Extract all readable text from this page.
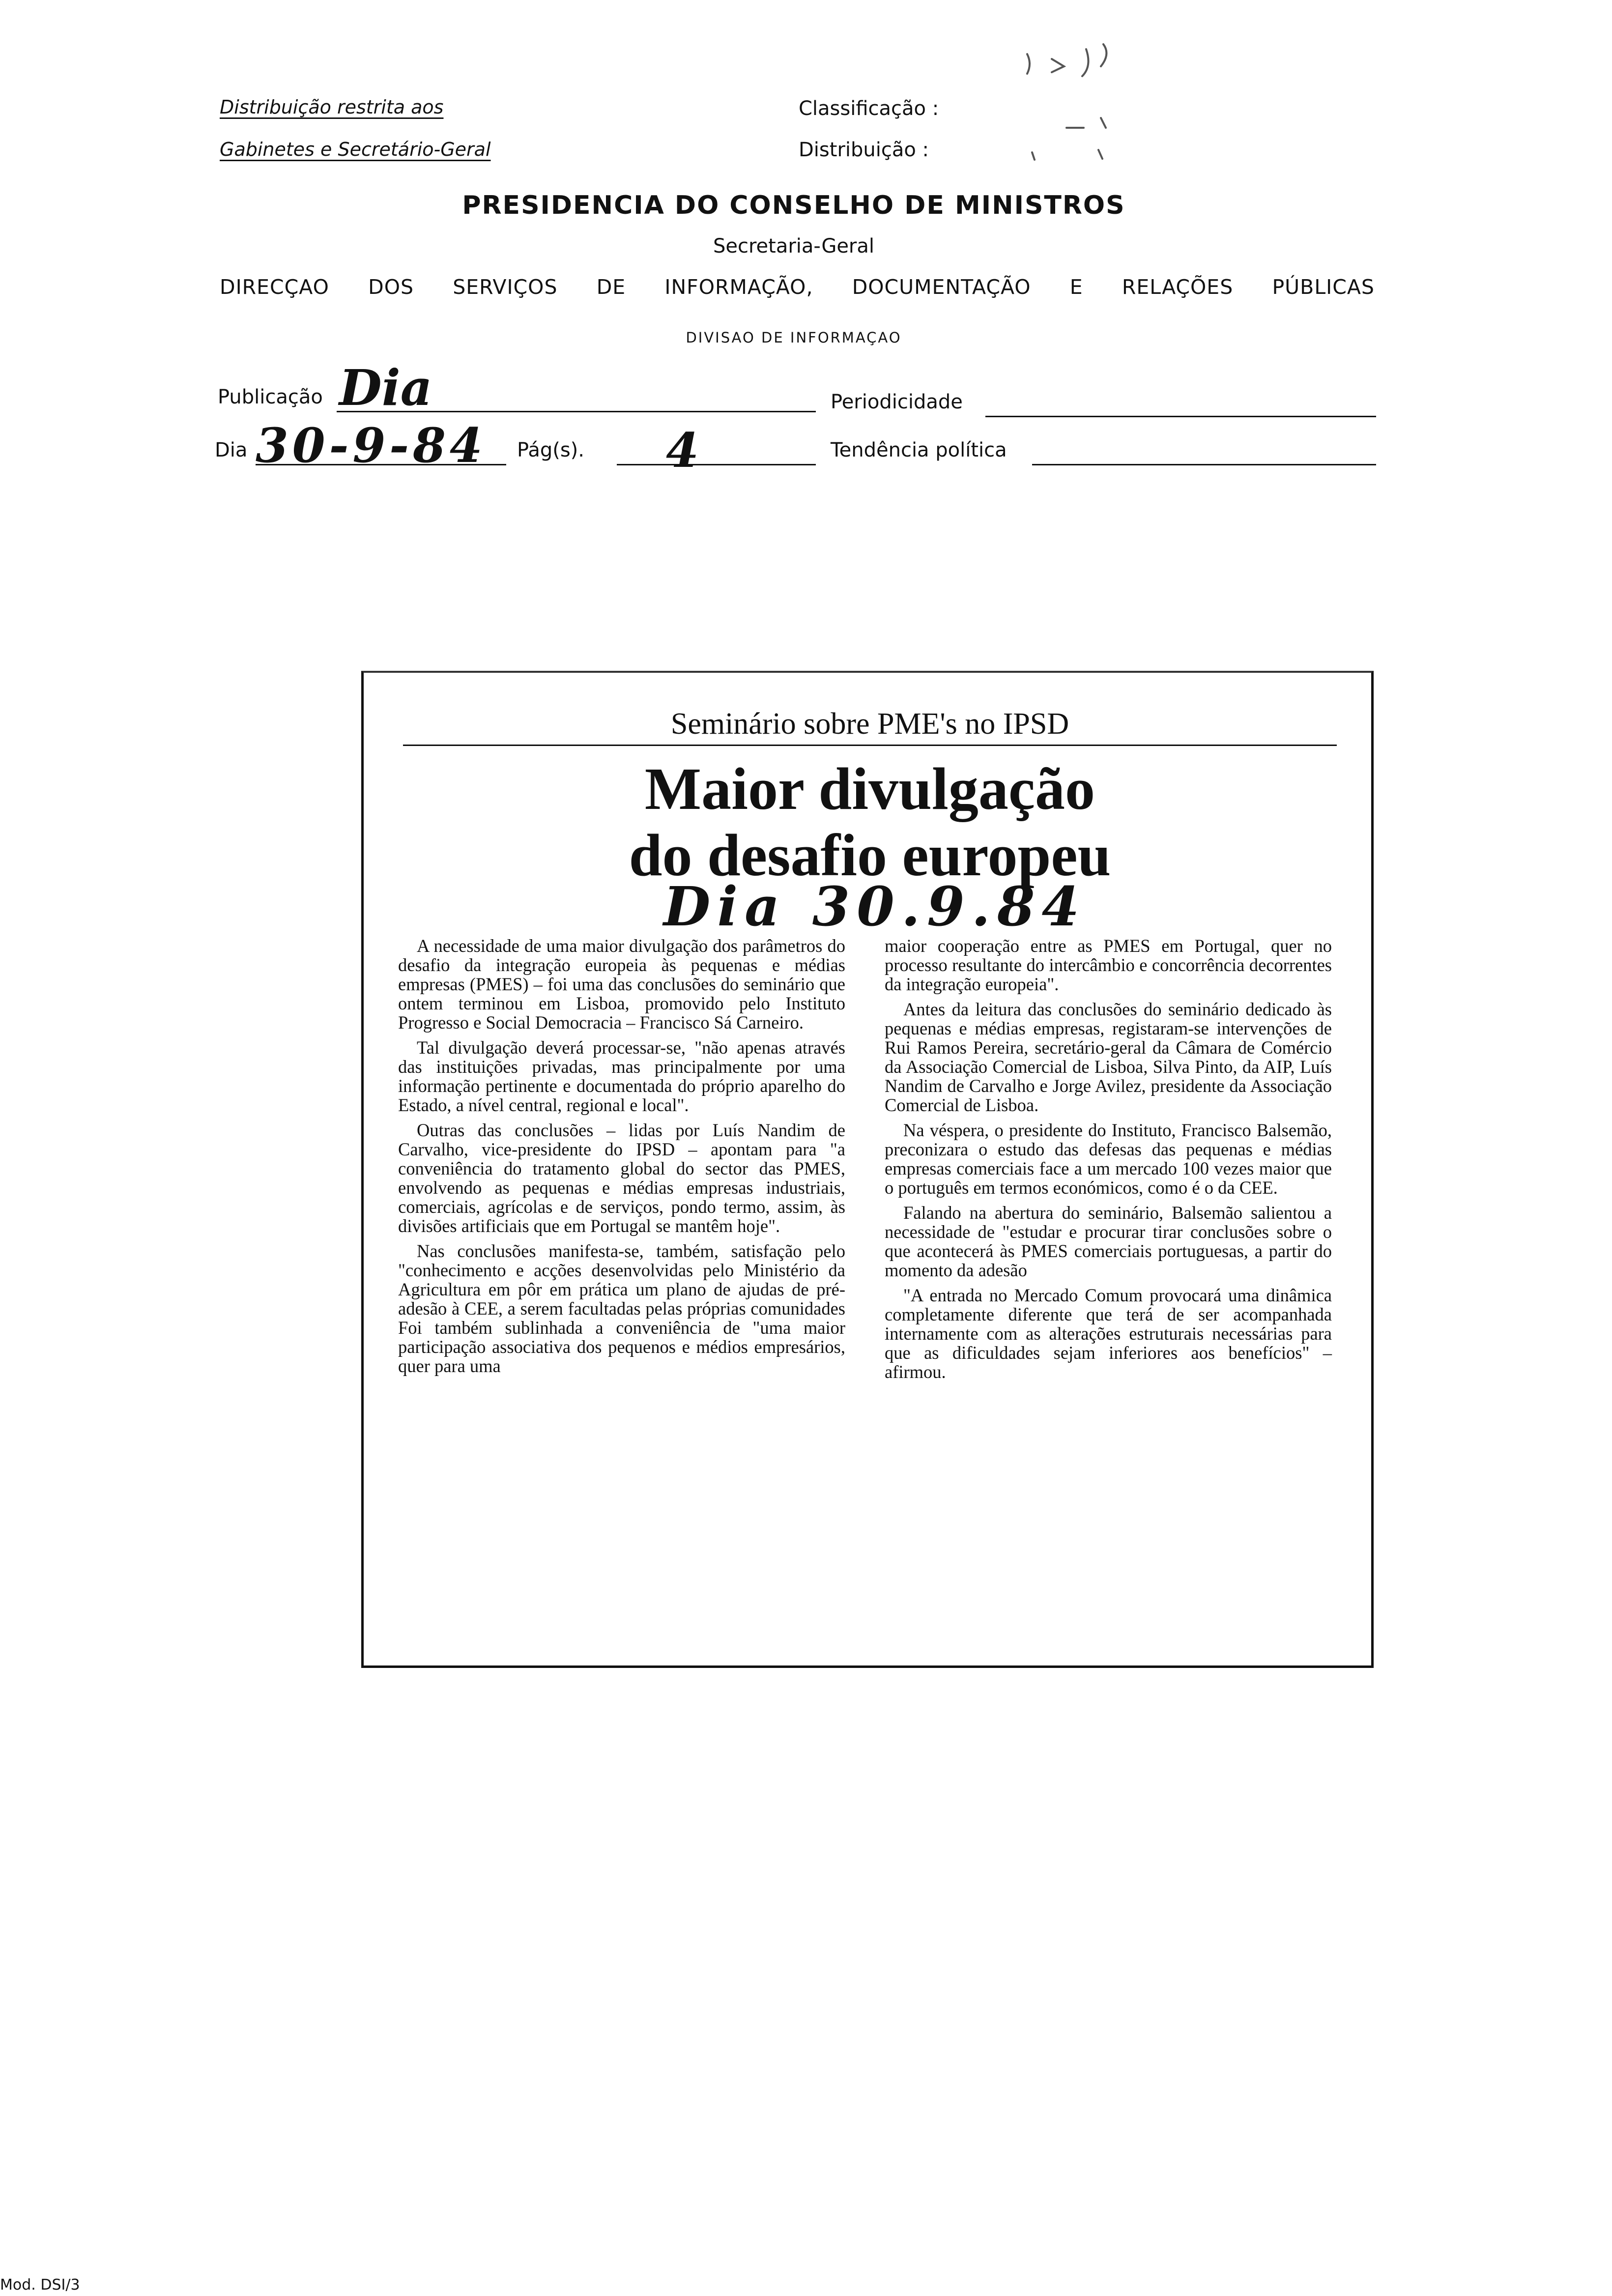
Distribuição restrita aos
Gabinetes e Secretário-Geral
Classificação :
Distribuição :
PRESIDENCIA DO CONSELHO DE MINISTROS
Secretaria-Geral
DIRECÇAO DOS SERVIÇOS DE INFORMAÇÃO, DOCUMENTAÇÃO E RELAÇÕES PÚBLICAS
DIVISAO DE INFORMAÇAO
Publicação Dia	Periodicidade
Dia 30-9-84 Pág(s). 4	Tendência política
Seminário sobre PME's no IPSD
Maior divulgação
do desafio europeu
Dia 30.9.84

A necessidade de uma maior divulgação dos parâmetros do desafio da integração europeia às pequenas e médias empresas (PMES) – foi uma das conclusões do seminário que ontem terminou em Lisboa, promovido pelo Instituto Progresso e Social Democracia – Francisco Sá Carneiro.

Tal divulgação deverá processar-se, "não apenas através das instituições privadas, mas principalmente por uma informação pertinente e documentada do próprio aparelho do Estado, a nível central, regional e local".

Outras das conclusões – lidas por Luís Nandim de Carvalho, vice-presidente do IPSD – apontam para "a conveniência do tratamento global do sector das PMES, envolvendo as pequenas e médias empresas industriais, comerciais, agrícolas e de serviços, pondo termo, assim, às divisões artificiais que em Portugal se mantêm hoje".

Nas conclusões manifesta-se, também, satisfação pelo "conhecimento e acções desenvolvidas pelo Ministério da Agricultura em pôr em prática um plano de ajudas de pré-adesão à CEE, a serem facultadas pelas próprias comunidades Foi também sublinhada a conveniência de "uma maior participação associativa dos pequenos e médios empresários, quer para uma

maior cooperação entre as PMES em Portugal, quer no processo resultante do intercâmbio e concorrência decorrentes da integração europeia".

Antes da leitura das conclusões do seminário dedicado às pequenas e médias empresas, registaram-se intervenções de Rui Ramos Pereira, secretário-geral da Câmara de Comércio da Associação Comercial de Lisboa, Silva Pinto, da AIP, Luís Nandim de Carvalho e Jorge Avilez, presidente da Associação Comercial de Lisboa.

Na véspera, o presidente do Instituto, Francisco Balsemão, preconizara o estudo das defesas das pequenas e médias empresas comerciais face a um mercado 100 vezes maior que o português em termos económicos, como é o da CEE.

Falando na abertura do seminário, Balsemão salientou a necessidade de "estudar e procurar tirar conclusões sobre o que acontecerá às PMES comerciais portuguesas, a partir do momento da adesão

"A entrada no Mercado Comum provocará uma dinâmica completamente diferente que terá de ser acompanhada internamente com as alterações estruturais necessárias para que as dificuldades sejam inferiores aos benefícios" – afirmou.

Mod. DSI/3
